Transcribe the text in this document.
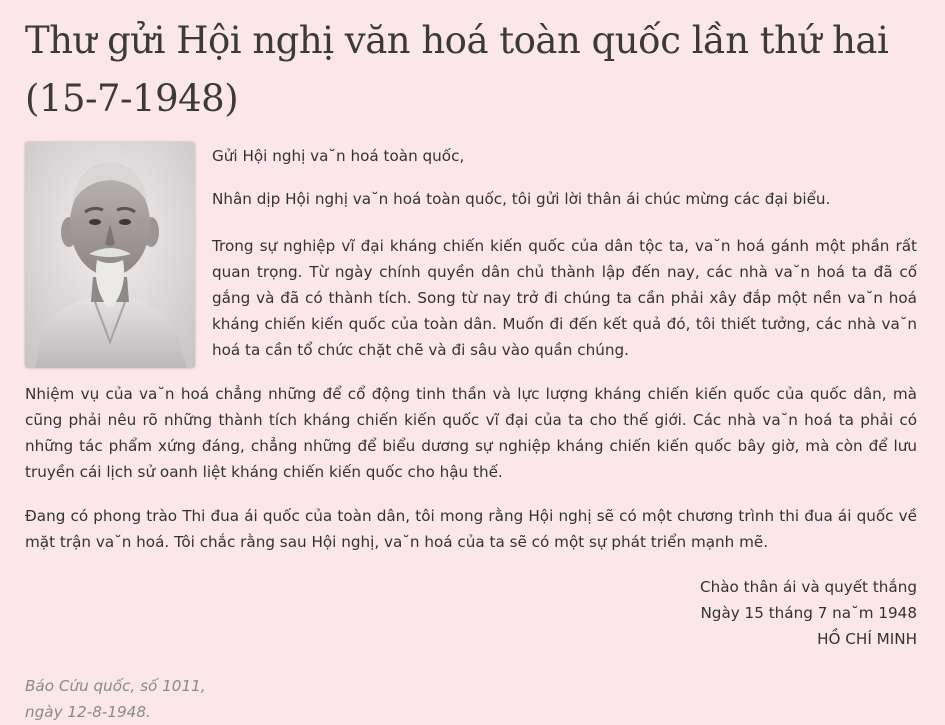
Thư gửi Hội nghị văn hoá toàn quốc lần thứ hai (15-7-1948)

Gửi Hội nghị va˘n hoá toàn quốc,

Nhân dịp Hội nghị va˘n hoá toàn quốc, tôi gửi lời thân ái chúc mừng các đại biểu.

Trong sự nghiệp vĩ đại kháng chiến kiến quốc của dân tộc ta, va˘n hoá gánh một phần rất quan trọng. Từ ngày chính quyền dân chủ thành lập đến nay, các nhà va˘n hoá ta đã cố gắng và đã có thành tích. Song từ nay trở đi chúng ta cần phải xây đắp một nền va˘n hoá kháng chiến kiến quốc của toàn dân. Muốn đi đến kết quả đó, tôi thiết tưởng, các nhà va˘n hoá ta cần tổ chức chặt chẽ và đi sâu vào quần chúng.

Nhiệm vụ của va˘n hoá chẳng những để cổ động tinh thần và lực lượng kháng chiến kiến quốc của quốc dân, mà cũng phải nêu rõ những thành tích kháng chiến kiến quốc vĩ đại của ta cho thế giới. Các nhà va˘n hoá ta phải có những tác phẩm xứng đáng, chẳng những để biểu dương sự nghiệp kháng chiến kiến quốc bây giờ, mà còn để lưu truyền cái lịch sử oanh liệt kháng chiến kiến quốc cho hậu thế.

Đang có phong trào Thi đua ái quốc của toàn dân, tôi mong rằng Hội nghị sẽ có một chương trình thi đua ái quốc về mặt trận va˘n hoá. Tôi chắc rằng sau Hội nghị, va˘n hoá của ta sẽ có một sự phát triển mạnh mẽ.

Chào thân ái và quyết thắng
Ngày 15 tháng 7 na˘m 1948
HỒ CHÍ MINH
Báo Cứu quốc, số 1011,
ngày 12-8-1948.
